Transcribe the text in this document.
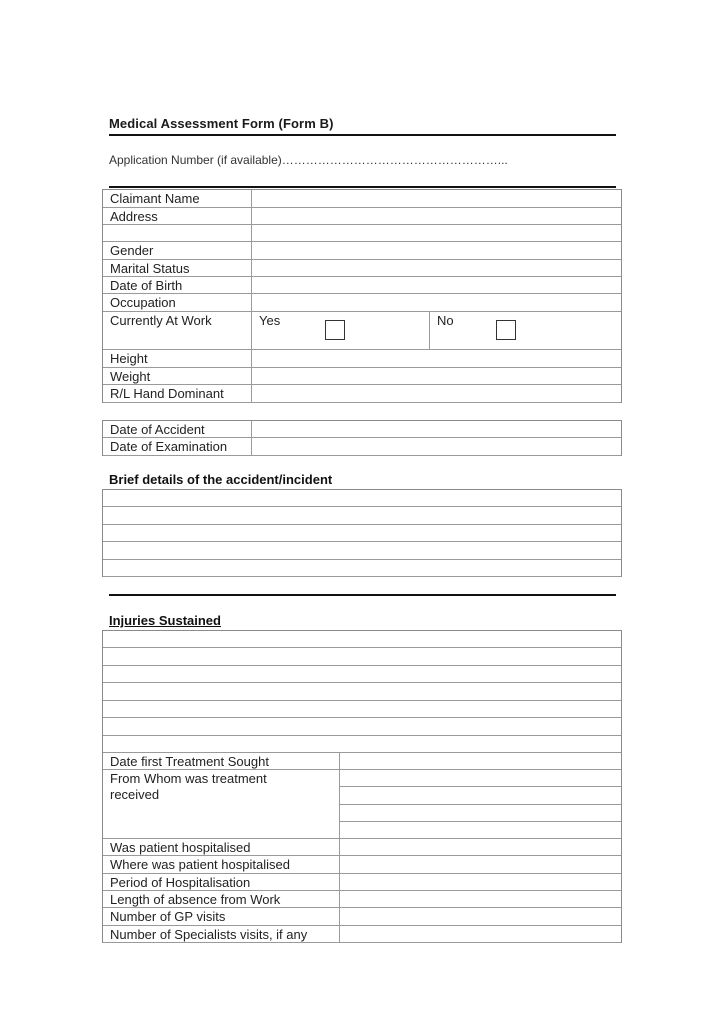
Medical Assessment Form (Form B)
Application Number (if available)………………………………………………...
Claimant Name
Address
Gender
Marital Status
Date of Birth
Occupation
Currently At Work	Yes	No
Height
Weight
R/L Hand Dominant
Date of Accident
Date of Examination
Brief details of the accident/incident
Injuries Sustained
Date first Treatment Sought
From Whom was treatment
received
Was patient hospitalised
Where was patient hospitalised
Period of Hospitalisation
Length of absence from Work
Number of GP visits
Number of Specialists visits, if any
